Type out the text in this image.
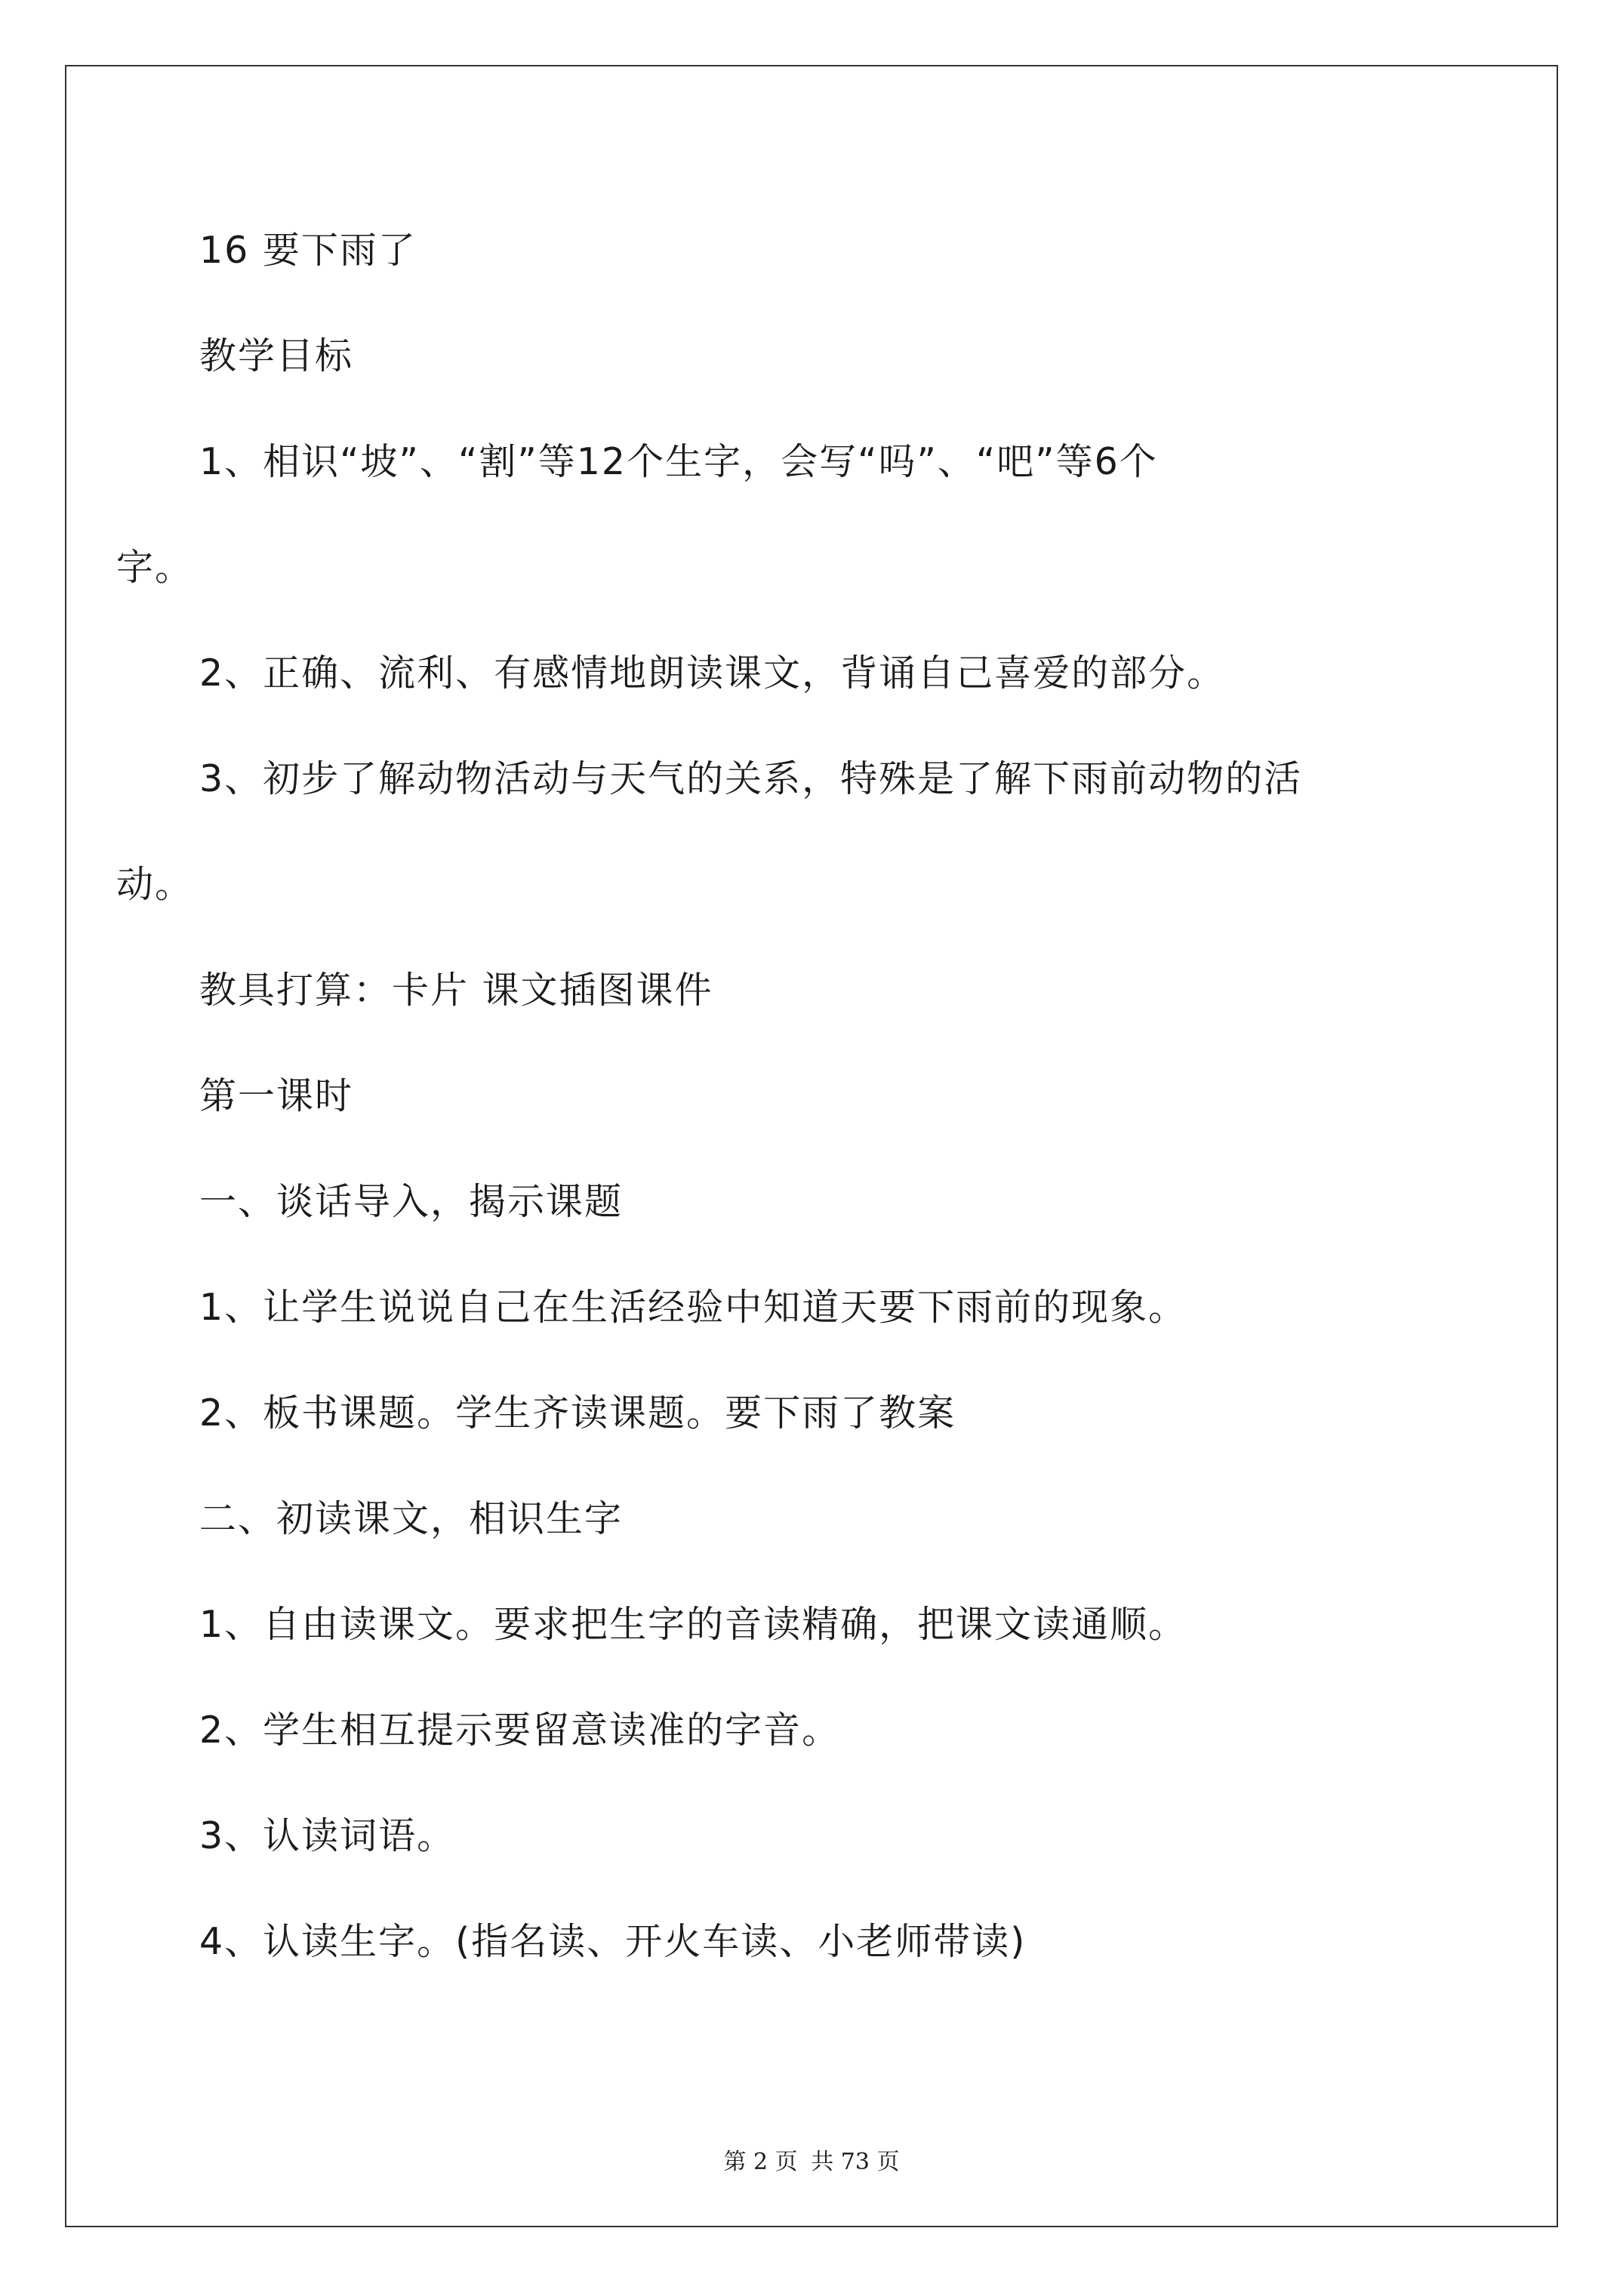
16 要下雨了
教学目标
1、相识“坡”、“割”等12个生字，会写“吗”、“吧”等6个
字。
2、正确、流利、有感情地朗读课文，背诵自己喜爱的部分。
3、初步了解动物活动与天气的关系，特殊是了解下雨前动物的活
动。
教具打算：卡片 课文插图课件
第一课时
一、谈话导入，揭示课题
1、让学生说说自己在生活经验中知道天要下雨前的现象。
2、板书课题。学生齐读课题。要下雨了教案
二、初读课文，相识生字
1、自由读课文。要求把生字的音读精确，把课文读通顺。
2、学生相互提示要留意读准的字音。
3、认读词语。
4、认读生字。(指名读、开火车读、小老师带读)
第 2 页 共 73 页
